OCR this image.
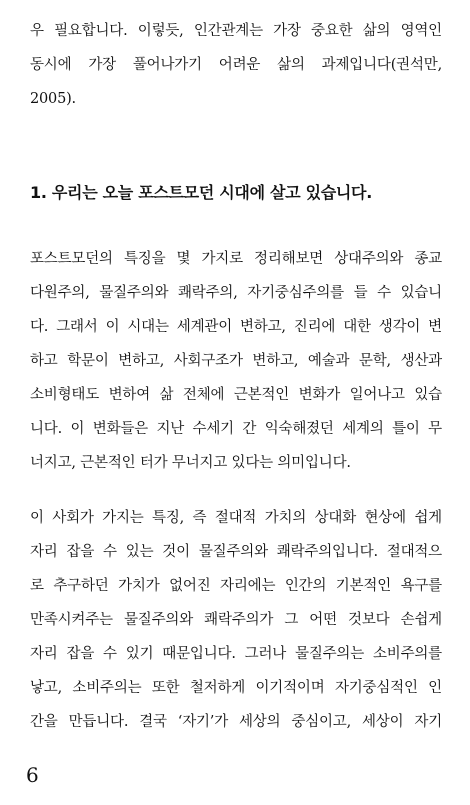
우 필요합니다. 이렇듯, 인간관계는 가장 중요한 삶의 영역인
동시에 가장 풀어나가기 어려운 삶의 과제입니다(권석만,
2005).

1. 우리는 오늘 포스트모던 시대에 살고 있습니다.

포스트모던의 특징을 몇 가지로 정리해보면 상대주의와 종교
다원주의, 물질주의와 쾌락주의, 자기중심주의를 들 수 있습니
다. 그래서 이 시대는 세계관이 변하고, 진리에 대한 생각이 변
하고 학문이 변하고, 사회구조가 변하고, 예술과 문학, 생산과
소비형태도 변하여 삶 전체에 근본적인 변화가 일어나고 있습
니다. 이 변화들은 지난 수세기 간 익숙해졌던 세계의 틀이 무
너지고, 근본적인 터가 무너지고 있다는 의미입니다.

이 사회가 가지는 특징, 즉 절대적 가치의 상대화 현상에 쉽게
자리 잡을 수 있는 것이 물질주의와 쾌락주의입니다. 절대적으
로 추구하던 가치가 없어진 자리에는 인간의 기본적인 욕구를
만족시켜주는 물질주의와 쾌락주의가 그 어떤 것보다 손쉽게
자리 잡을 수 있기 때문입니다. 그러나 물질주의는 소비주의를
낳고, 소비주의는 또한 철저하게 이기적이며 자기중심적인 인
간을 만듭니다. 결국 ‘자기’가 세상의 중심이고, 세상이 자기

6
